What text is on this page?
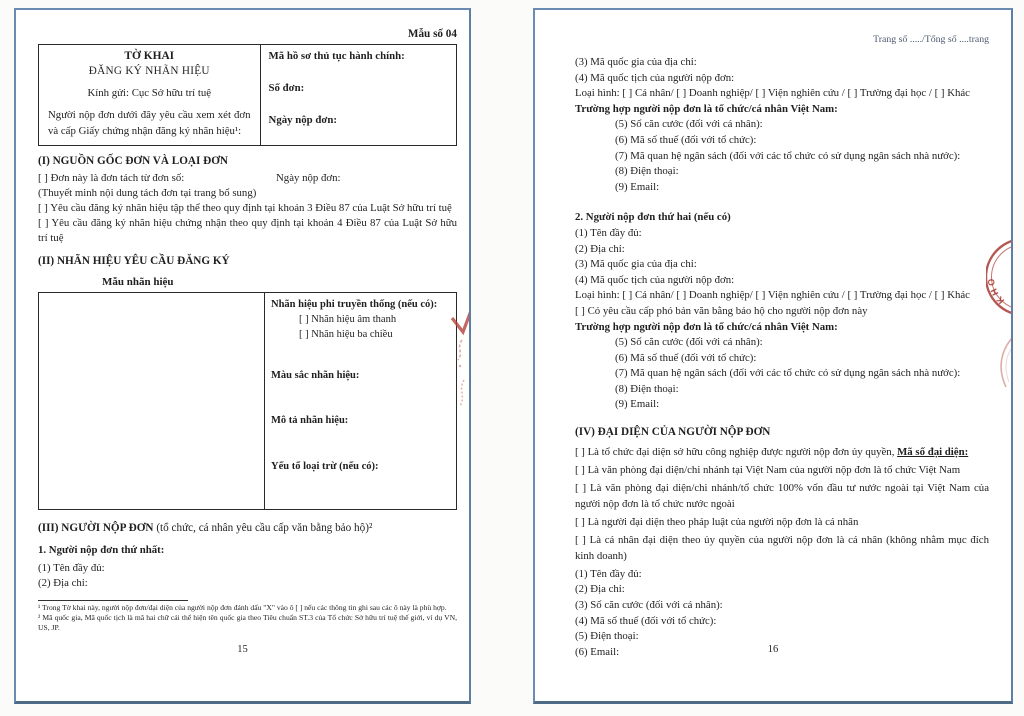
Mẫu số 04

TỜ KHAI
ĐĂNG KÝ NHÃN HIỆU
Kính gửi: Cục Sở hữu trí tuệ
Người nộp đơn dưới đây yêu cầu xem xét đơn và cấp Giấy chứng nhận đăng ký nhãn hiệu¹:

Mã hồ sơ thủ tục hành chính:
Số đơn:
Ngày nộp đơn:

(I) NGUỒN GỐC ĐƠN VÀ LOẠI ĐƠN

[ ] Đơn này là đơn tách từ đơn số:	Ngày nộp đơn:

(Thuyết minh nội dung tách đơn tại trang bổ sung)

[ ] Yêu cầu đăng ký nhãn hiệu tập thể theo quy định tại khoản 3 Điều 87 của Luật Sở hữu trí tuệ

[ ] Yêu cầu đăng ký nhãn hiệu chứng nhận theo quy định tại khoản 4 Điều 87 của Luật Sở hữu trí tuệ

(II) NHÃN HIỆU YÊU CẦU ĐĂNG KÝ

Mẫu nhãn hiệu

Nhãn hiệu phi truyền thống (nếu có):
[ ] Nhãn hiệu âm thanh
[ ] Nhãn hiệu ba chiều
Màu sắc nhãn hiệu:
Mô tả nhãn hiệu:
Yếu tố loại trừ (nếu có):

(III) NGƯỜI NỘP ĐƠN (tổ chức, cá nhân yêu cầu cấp văn bằng bảo hộ)²

1. Người nộp đơn thứ nhất:

(1) Tên đầy đủ:

(2) Địa chỉ:

¹ Trong Tờ khai này, người nộp đơn/đại diện của người nộp đơn đánh dấu "X" vào ô [ ] nếu các thông tin ghi sau các ô này là phù hợp.

² Mã quốc gia, Mã quốc tịch là mã hai chữ cái thể hiện tên quốc gia theo Tiêu chuẩn ST.3 của Tổ chức Sở hữu trí tuệ thế giới, ví dụ VN, US, JP.

15

Trang số ...../Tổng số ....trang

(3) Mã quốc gia của địa chỉ:

(4) Mã quốc tịch của người nộp đơn:

Loại hình: [ ] Cá nhân/ [ ] Doanh nghiệp/ [ ] Viện nghiên cứu / [ ] Trường đại học / [ ] Khác

Trường hợp người nộp đơn là tổ chức/cá nhân Việt Nam:

(5) Số căn cước (đối với cá nhân):

(6) Mã số thuế (đối với tổ chức):

(7) Mã quan hệ ngân sách (đối với các tổ chức có sử dụng ngân sách nhà nước):

(8) Điện thoại:

(9) Email:

2. Người nộp đơn thứ hai (nếu có)

(1) Tên đầy đủ:

(2) Địa chỉ:

(3) Mã quốc gia của địa chỉ:

(4) Mã quốc tịch của người nộp đơn:

Loại hình: [ ] Cá nhân/ [ ] Doanh nghiệp/ [ ] Viện nghiên cứu / [ ] Trường đại học / [ ] Khác

[ ] Có yêu cầu cấp phó bản văn bằng bảo hộ cho người nộp đơn này

Trường hợp người nộp đơn là tổ chức/cá nhân Việt Nam:

(5) Số căn cước (đối với cá nhân):

(6) Mã số thuế (đối với tổ chức):

(7) Mã quan hệ ngân sách (đối với các tổ chức có sử dụng ngân sách nhà nước):

(8) Điện thoại:

(9) Email:

(IV) ĐẠI DIỆN CỦA NGƯỜI NỘP ĐƠN

[ ] Là tổ chức đại diện sở hữu công nghiệp được người nộp đơn ủy quyền, Mã số đại diện:

[ ] Là văn phòng đại diện/chi nhánh tại Việt Nam của người nộp đơn là tổ chức Việt Nam

[ ] Là văn phòng đại diện/chi nhánh/tổ chức 100% vốn đầu tư nước ngoài tại Việt Nam của người nộp đơn là tổ chức nước ngoài

[ ] Là người đại diện theo pháp luật của người nộp đơn là cá nhân

[ ] Là cá nhân đại diện theo ủy quyền của người nộp đơn là cá nhân (không nhằm mục đích kinh doanh)

(1) Tên đầy đủ:

(2) Địa chỉ:

(3) Số căn cước (đối với cá nhân):

(4) Mã số thuế (đối với tổ chức):

(5) Điện thoại:

(6) Email:	16
KHO
